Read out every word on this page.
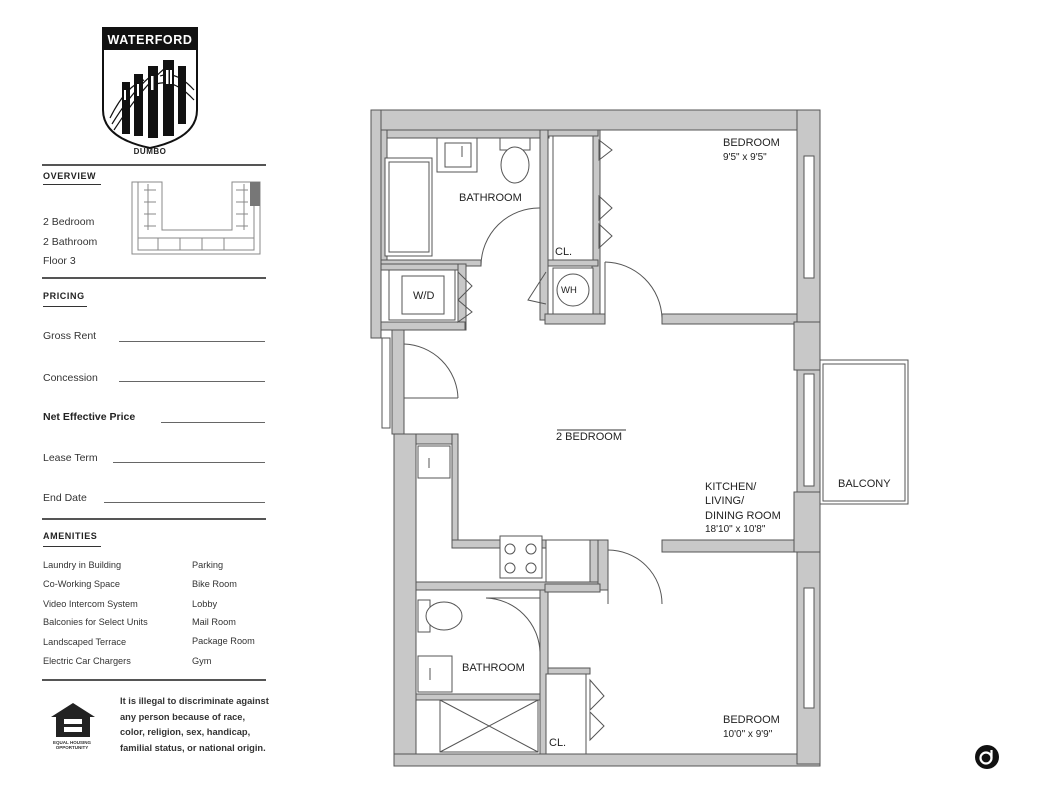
WATERFORD
DUMBO
OVERVIEW
2 Bedroom
2 Bathroom
Floor 3
PRICING
Gross Rent
Concession
Net Effective Price
Lease Term
End Date
AMENITIES
Laundry in Building
Co-Working Space
Video Intercom System
Balconies for Select Units
Landscaped Terrace
Electric Car Chargers
Parking
Bike Room
Lobby
Mail Room
Package Room
Gym
EQUAL HOUSING OPPORTUNITY
It is illegal to discriminate against any person because of race, color, religion, sex, handicap, familial status, or national origin.
BEDROOM
9'5" x 9'5"
BATHROOM
CL.
W/D	WH
2 BEDROOM
KITCHEN/
LIVING/
DINING ROOM
18'10" x 10'8"
BALCONY
BATHROOM
CL.
BEDROOM
10'0" x 9'9"
